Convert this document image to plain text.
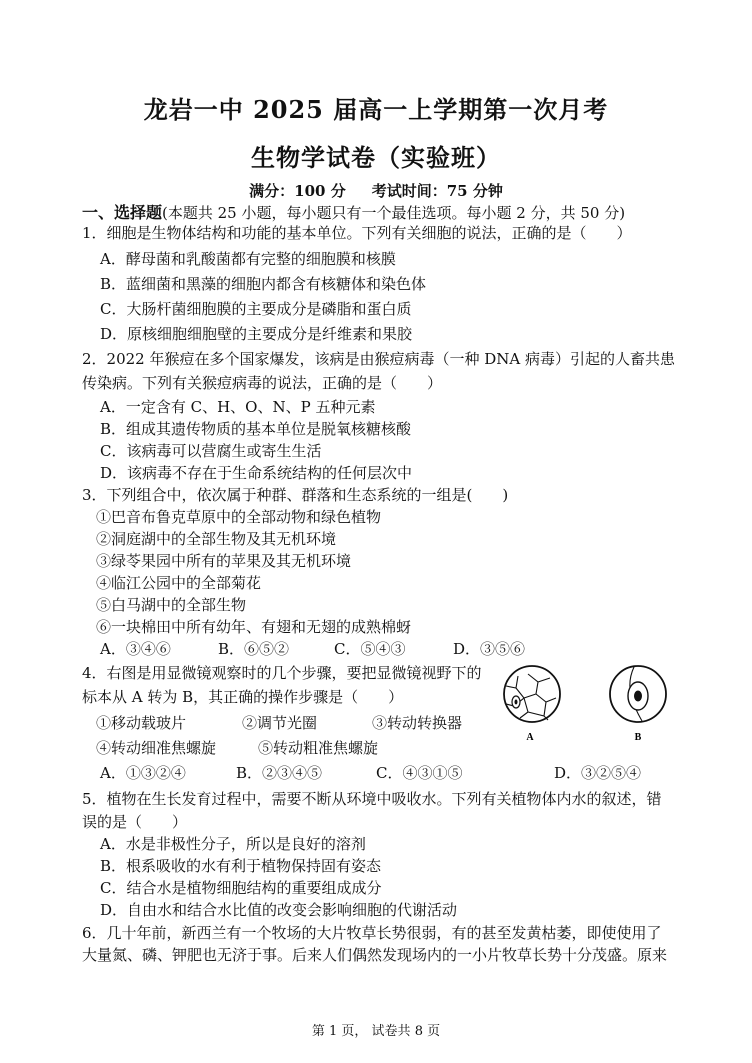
龙岩一中 2025 届高一上学期第一次月考
生物学试卷（实验班）
满分：100 分 考试时间：75 分钟
一、选择题(本题共 25 小题，每小题只有一个最佳选项。每小题 2 分，共 50 分)
1．细胞是生物体结构和功能的基本单位。下列有关细胞的说法，正确的是（　　）
A．酵母菌和乳酸菌都有完整的细胞膜和核膜
B．蓝细菌和黑藻的细胞内都含有核糖体和染色体
C．大肠杆菌细胞膜的主要成分是磷脂和蛋白质
D．原核细胞细胞壁的主要成分是纤维素和果胶
2．2022 年猴痘在多个国家爆发，该病是由猴痘病毒（一种 DNA 病毒）引起的人畜共患
传染病。下列有关猴痘病毒的说法，正确的是（　　）
A．一定含有 C、H、O、N、P 五种元素
B．组成其遗传物质的基本单位是脱氧核糖核酸
C．该病毒可以营腐生或寄生生活
D．该病毒不存在于生命系统结构的任何层次中
3．下列组合中，依次属于种群、群落和生态系统的一组是(　　)
①巴音布鲁克草原中的全部动物和绿色植物
②洞庭湖中的全部生物及其无机环境
③绿苓果园中所有的苹果及其无机环境
④临江公园中的全部菊花
⑤白马湖中的全部生物
⑥一块棉田中所有幼年、有翅和无翅的成熟棉蚜
A．③④⑥	B．⑥⑤②	C．⑤④③	D．③⑤⑥
4．右图是用显微镜观察时的几个步骤，要把显微镜视野下的
标本从 A 转为 B，其正确的操作步骤是（　　）
①移动载玻片	②调节光圈	③转动转换器
④转动细准焦螺旋	⑤转动粗准焦螺旋
A．①③②④	B．②③④⑤	C．④③①⑤	D．③②⑤④
A	B
5．植物在生长发育过程中，需要不断从环境中吸收水。下列有关植物体内水的叙述，错
误的是（　　）
A．水是非极性分子，所以是良好的溶剂
B．根系吸收的水有利于植物保持固有姿态
C．结合水是植物细胞结构的重要组成成分
D．自由水和结合水比值的改变会影响细胞的代谢活动
6．几十年前，新西兰有一个牧场的大片牧草长势很弱，有的甚至发黄枯萎，即使使用了
大量氮、磷、钾肥也无济于事。后来人们偶然发现场内的一小片牧草长势十分茂盛。原来
第 1 页， 试卷共 8 页
